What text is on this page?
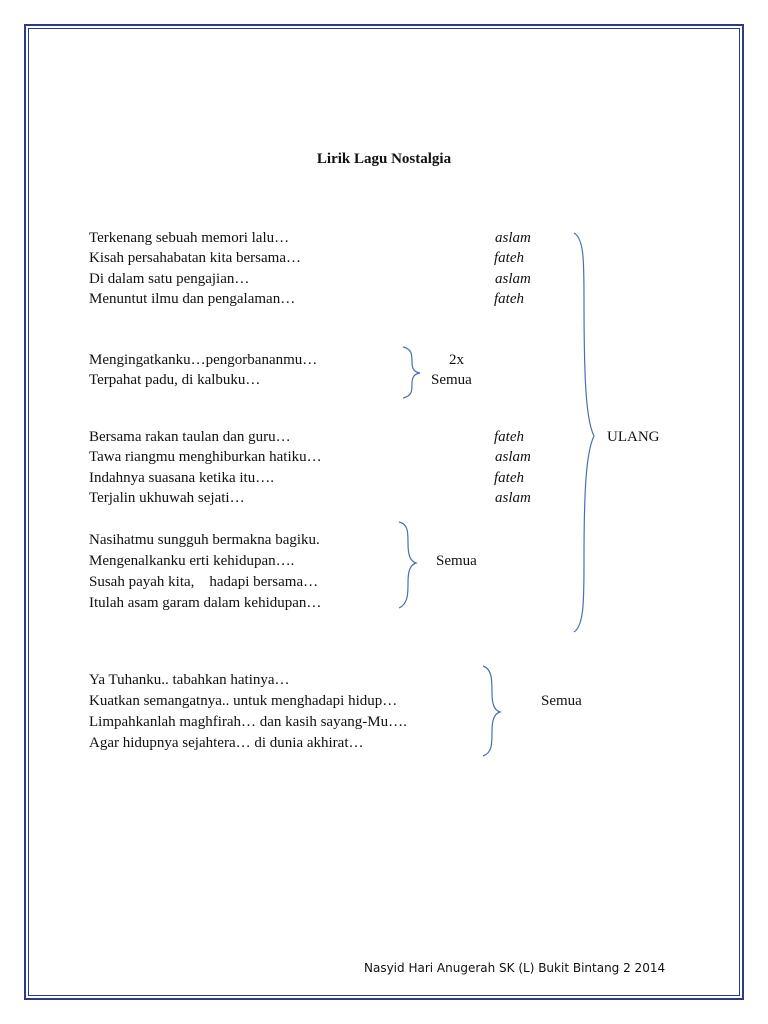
Lirik Lagu Nostalgia
Terkenang sebuah memori lalu…	aslam
Kisah persahabatan kita bersama…	fateh
Di dalam satu pengajian…	aslam
Menuntut ilmu dan pengalaman…	fateh
Mengingatkanku…pengorbananmu…
Terpahat padu, di kalbuku…
2x
Semua
Bersama rakan taulan dan guru…	fateh
Tawa riangmu menghiburkan hatiku…	aslam
Indahnya suasana ketika itu….	fateh
Terjalin ukhuwah sejati…	aslam
ULANG
Nasihatmu sungguh bermakna bagiku.
Mengenalkanku erti kehidupan….
Susah payah kita,    hadapi bersama…
Itulah asam garam dalam kehidupan…
Semua
Ya Tuhanku.. tabahkan hatinya…
Kuatkan semangatnya.. untuk menghadapi hidup…
Limpahkanlah maghfirah… dan kasih sayang-Mu….
Agar hidupnya sejahtera… di dunia akhirat…
Semua
Nasyid Hari Anugerah SK (L) Bukit Bintang 2 2014
